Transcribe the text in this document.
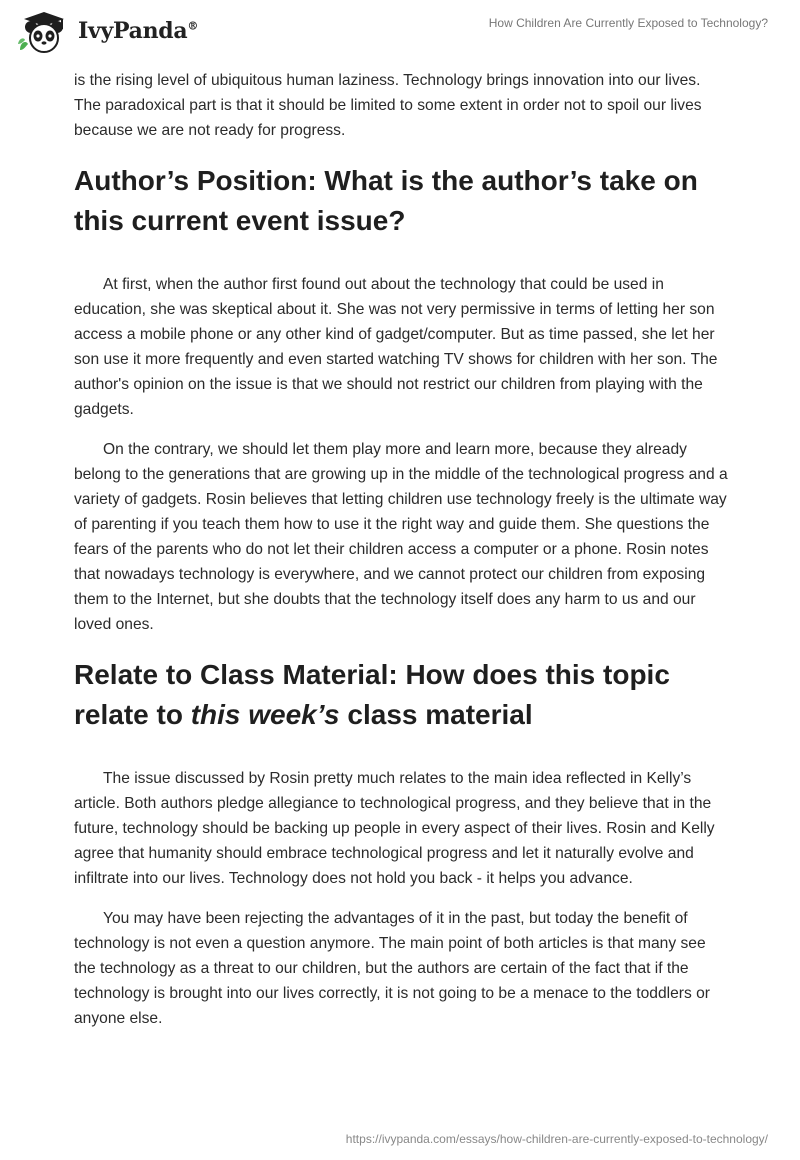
IvyPanda®	How Children Are Currently Exposed to Technology?

is the rising level of ubiquitous human laziness. Technology brings innovation into our lives. The paradoxical part is that it should be limited to some extent in order not to spoil our lives because we are not ready for progress.

Author’s Position: What is the author’s take on this current event issue?

At first, when the author first found out about the technology that could be used in education, she was skeptical about it. She was not very permissive in terms of letting her son access a mobile phone or any other kind of gadget/computer. But as time passed, she let her son use it more frequently and even started watching TV shows for children with her son. The author's opinion on the issue is that we should not restrict our children from playing with the gadgets.

On the contrary, we should let them play more and learn more, because they already belong to the generations that are growing up in the middle of the technological progress and a variety of gadgets. Rosin believes that letting children use technology freely is the ultimate way of parenting if you teach them how to use it the right way and guide them. She questions the fears of the parents who do not let their children access a computer or a phone. Rosin notes that nowadays technology is everywhere, and we cannot protect our children from exposing them to the Internet, but she doubts that the technology itself does any harm to us and our loved ones.

Relate to Class Material: How does this topic relate to this week’s class material

The issue discussed by Rosin pretty much relates to the main idea reflected in Kelly’s article. Both authors pledge allegiance to technological progress, and they believe that in the future, technology should be backing up people in every aspect of their lives. Rosin and Kelly agree that humanity should embrace technological progress and let it naturally evolve and infiltrate into our lives. Technology does not hold you back - it helps you advance.

You may have been rejecting the advantages of it in the past, but today the benefit of technology is not even a question anymore. The main point of both articles is that many see the technology as a threat to our children, but the authors are certain of the fact that if the technology is brought into our lives correctly, it is not going to be a menace to the toddlers or anyone else.

https://ivypanda.com/essays/how-children-are-currently-exposed-to-technology/
